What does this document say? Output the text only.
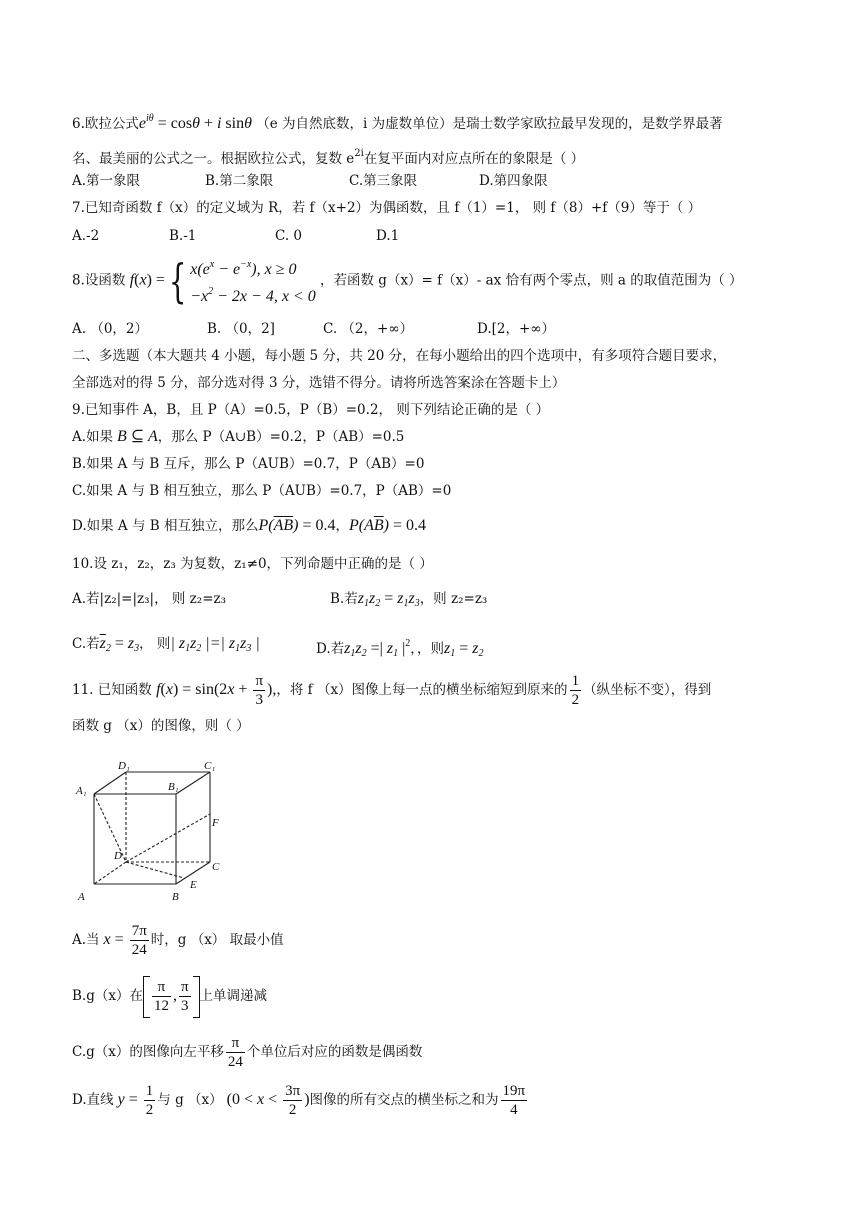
6.欧拉公式$e^{i\theta} = \cos\theta + i$ sinθ （e 为自然底数，i 为虚数单位）是瑞士数学家欧拉最早发现的，是数学界最著
名、最美丽的公式之一。根据欧拉公式，复数 $e^{2i}$在复平面内对应点所在的象限是（ ）
A.第一象限	B.第二象限	C.第三象限	D.第四象限
7.已知奇函数 f（x）的定义域为 R，若 f（x+2）为偶函数，且 f（1）=1， 则 f（8）+f（9）等于（ ）
A.-2	B.-1	C. 0	D.1
8.设函数 f(x) ={ $x(e^x - e^{-x})$, x ≥ 0
$-x^2 - 2x - 4$, x < 0
，若函数 g（x）= f（x）- ax 恰有两个零点，则 a 的取值范围为（ ）
A. （0，2）	B. （0，2]	C. （2，+∞）	D.[2，+∞）
二、多选题（本大题共 4 小题，每小题 5 分，共 20 分，在每小题给出的四个选项中，有多项符合题目要求，
全部选对的得 5 分，部分选对得 3 分，选错不得分。请将所选答案涂在答题卡上）
9.已知事件 A，B，且 P（A）=0.5，P（B）=0.2， 则下列结论正确的是（ ）
A.如果 B ⊆ A，那么 P（A∪B）=0.2，P（AB）=0.5
B.如果 A 与 B 互斥，那么 P（AUB）=0.7，P（AB）=0
C.如果 A 与 B 相互独立，那么 P（AUB）=0.7，P（AB）=0
D.如果 A 与 B 相互独立，那么$P(\overline{A}\overline{B}) = 0.4$，$P(A\overline{B}) = 0.4$
10.设 z₁，z₂，z₃ 为复数，z₁≠0，下列命题中正确的是（ ）
A.若|z₂|=|z₃|， 则 z₂=z₃	B.若$z_1z_2 = z_1z_3$，则 z₂=z₃
C.若$\overline{z}_2 = z_3$， 则| $z_1z_2$ |=| $z_1z_3$ |	D.若$z_1z_2$ =| $z_1$ $|^2$，，则$z_1 = z_2$
11. 已知函数 $f(x) = \sin(2x + \frac{\pi}{3}$ ),，将 f （x）图像上每一点的横坐标缩短到原来的 $\frac{1}{2}$ （纵坐标不变），得到
函数 g （x）的图像，则（ ）
D₁	C₁
A₁	B₁
F
D
C
A	B
E
A.当 $x = \frac{7\pi}{24}$ 时，g （x） 取最小值
B.g（x）在 $\frac{\pi}{12}$ , $\frac{\pi}{3}$ 上单调递减
C.g（x）的图像向左平移 $\frac{\pi}{24}$ 个单位后对应的函数是偶函数
D.直线 $y = \frac{1}{2}$ 与 g （x） ($0 < x < \frac{3\pi}{2}$ )图像的所有交点的横坐标之和为 $\frac{19\pi}{4}$
